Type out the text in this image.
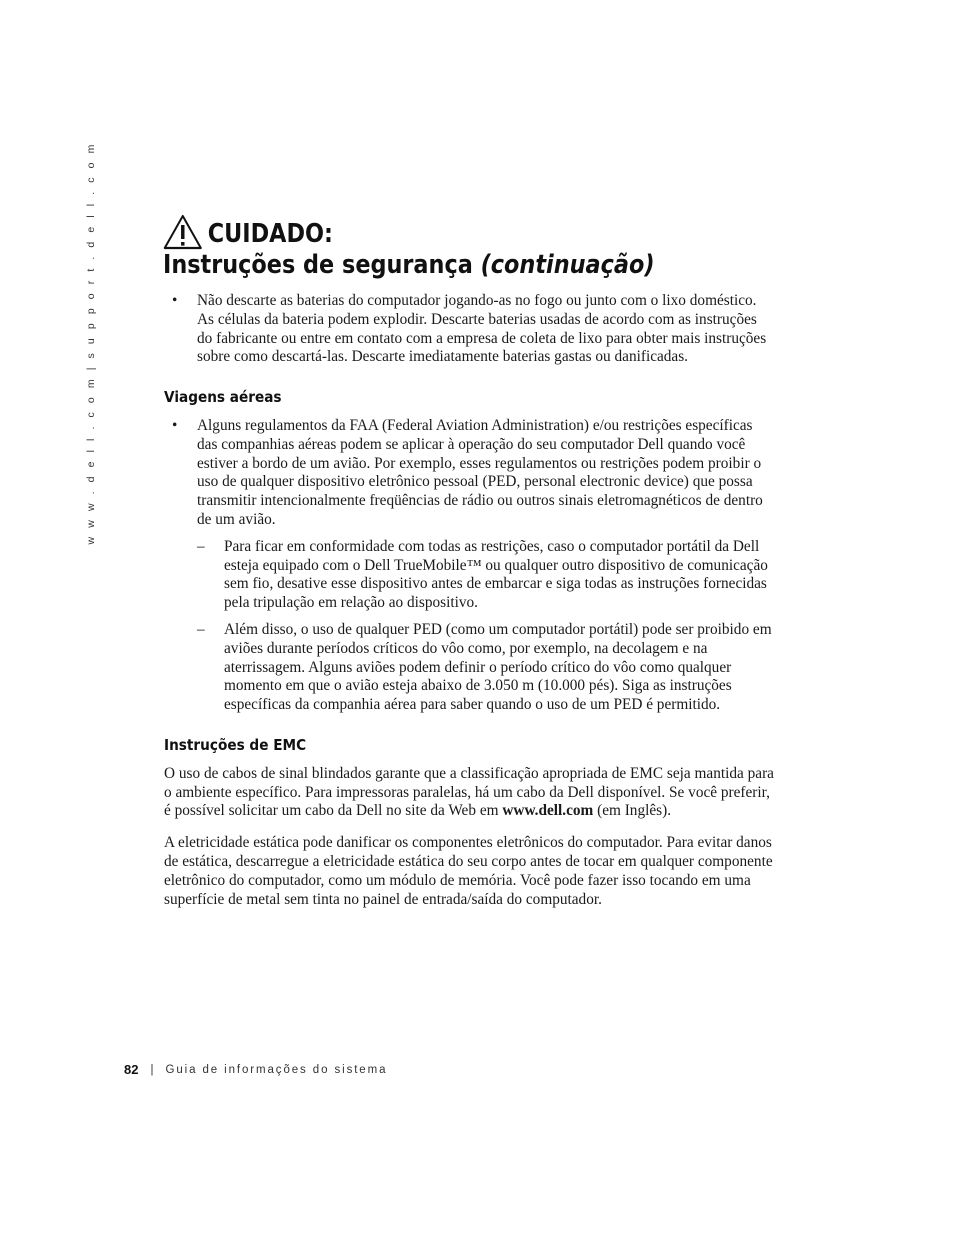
w w w . d e l l . c o m | s u p p o r t . d e l l . c o m	CUIDADO:
Instruções de segurança (continuação)
• Não descarte as baterias do computador jogando-as no fogo ou junto com o lixo doméstico. As células da bateria podem explodir. Descarte baterias usadas de acordo com as instruções do fabricante ou entre em contato com a empresa de coleta de lixo para obter mais instruções sobre como descartá-las. Descarte imediatamente baterias gastas ou danificadas.
Viagens aéreas
• Alguns regulamentos da FAA (Federal Aviation Administration) e/ou restrições específicas das companhias aéreas podem se aplicar à operação do seu computador Dell quando você estiver a bordo de um avião. Por exemplo, esses regulamentos ou restrições podem proibir o uso de qualquer dispositivo eletrônico pessoal (PED, personal electronic device) que possa transmitir intencionalmente freqüências de rádio ou outros sinais eletromagnéticos de dentro de um avião.
– Para ficar em conformidade com todas as restrições, caso o computador portátil da Dell esteja equipado com o Dell TrueMobile™ ou qualquer outro dispositivo de comunicação sem fio, desative esse dispositivo antes de embarcar e siga todas as instruções fornecidas pela tripulação em relação ao dispositivo.
– Além disso, o uso de qualquer PED (como um computador portátil) pode ser proibido em aviões durante períodos críticos do vôo como, por exemplo, na decolagem e na aterrissagem. Alguns aviões podem definir o período crítico do vôo como qualquer momento em que o avião esteja abaixo de 3.050 m (10.000 pés). Siga as instruções específicas da companhia aérea para saber quando o uso de um PED é permitido.
Instruções de EMC

O uso de cabos de sinal blindados garante que a classificação apropriada de EMC seja mantida para o ambiente específico. Para impressoras paralelas, há um cabo da Dell disponível. Se você preferir, é possível solicitar um cabo da Dell no site da Web em www.dell.com (em Inglês).

A eletricidade estática pode danificar os componentes eletrônicos do computador. Para evitar danos de estática, descarregue a eletricidade estática do seu corpo antes de tocar em qualquer componente eletrônico do computador, como um módulo de memória. Você pode fazer isso tocando em uma superfície de metal sem tinta no painel de entrada/saída do computador.

82 | Guia de informações do sistema
